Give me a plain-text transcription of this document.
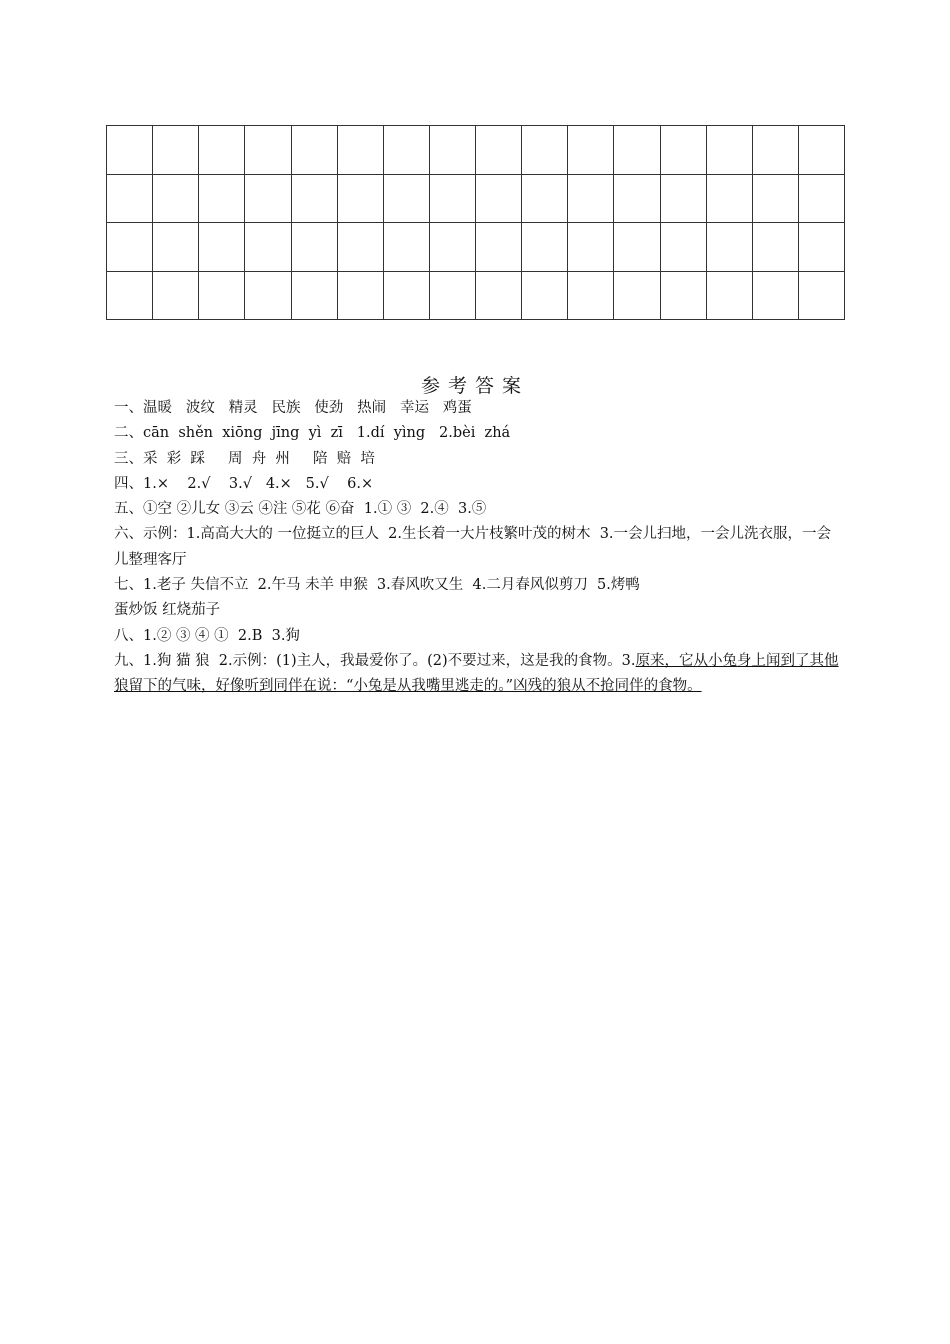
参考答案
一、温暖   波纹   精灵   民族   使劲   热闹   幸运   鸡蛋
二、cān  shěn  xiōng  jīng  yì  zī   1.dí  yìng   2.bèi  zhá
三、采  彩  踩     周  舟  州     陪  赔  培
四、1.×    2.√    3.√   4.×   5.√    6.×
五、①空 ②儿女 ③云 ④注 ⑤花 ⑥奋  1.① ③  2.④  3.⑤
六、示例：1.高高大大的 一位挺立的巨人  2.生长着一大片枝繁叶茂的树木  3.一会儿扫地，一会儿洗衣服，一会儿整理客厅
七、1.老子 失信不立  2.午马 未羊 申猴  3.春风吹又生  4.二月春风似剪刀  5.烤鸭
蛋炒饭 红烧茄子
八、1.② ③ ④ ①  2.B  3.狗
九、1.狗 猫 狼  2.示例：(1)主人，我最爱你了。(2)不要过来，这是我的食物。3.原来，它从小兔身上闻到了其他狼留下的气味，好像听到同伴在说：“小兔是从我嘴里逃走的。”凶残的狼从不抢同伴的食物。
